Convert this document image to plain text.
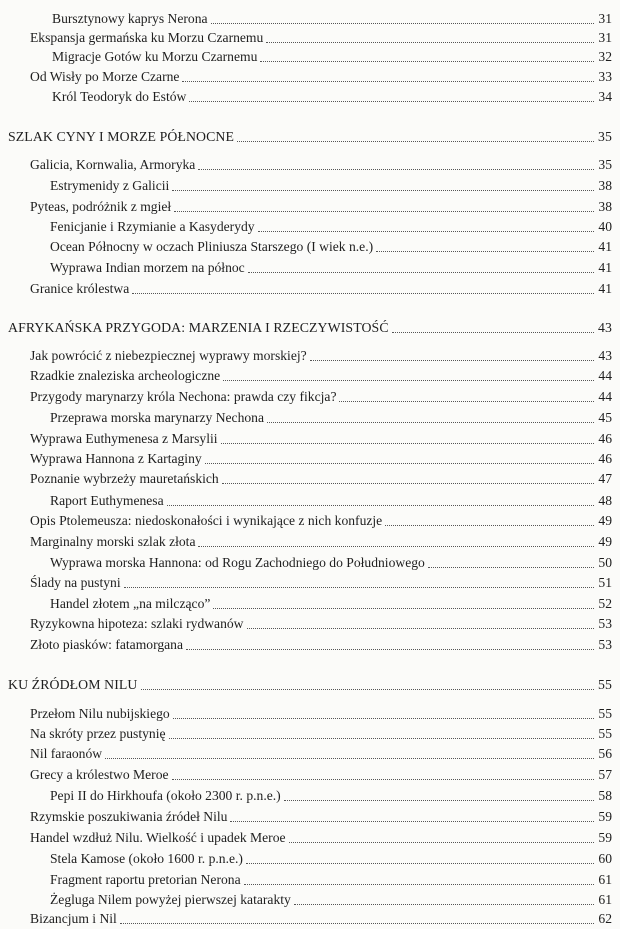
Bursztynowy kaprys Nerona	31
Ekspansja germańska ku Morzu Czarnemu	31
Migracje Gotów ku Morzu Czarnemu	32
Od Wisły po Morze Czarne	33
Król Teodoryk do Estów	34
SZLAK CYNY I MORZE PÓŁNOCNE	35
Galicia, Kornwalia, Armoryka	35
Estrymenidy z Galicii	38
Pyteas, podróżnik z mgieł	38
Fenicjanie i Rzymianie a Kasyderydy	40
Ocean Północny w oczach Pliniusza Starszego (I wiek n.e.)	41
Wyprawa Indian morzem na północ	41
Granice królestwa	41
AFRYKAŃSKA PRZYGODA: MARZENIA I RZECZYWISTOŚĆ	43
Jak powrócić z niebezpiecznej wyprawy morskiej?	43
Rzadkie znaleziska archeologiczne	44
Przygody marynarzy króla Nechona: prawda czy fikcja?	44
Przeprawa morska marynarzy Nechona	45
Wyprawa Euthymenesa z Marsylii	46
Wyprawa Hannona z Kartaginy	46
Poznanie wybrzeży mauretańskich	47
Raport Euthymenesa	48
Opis Ptolemeusza: niedoskonałości i wynikające z nich konfuzje	49
Marginalny morski szlak złota	49
Wyprawa morska Hannona: od Rogu Zachodniego do Południowego	50
Ślady na pustyni	51
Handel złotem „na milcząco”	52
Ryzykowna hipoteza: szlaki rydwanów	53
Złoto piasków: fatamorgana	53
KU ŹRÓDŁOM NILU	55
Przełom Nilu nubijskiego	55
Na skróty przez pustynię	55
Nil faraonów	56
Grecy a królestwo Meroe	57
Pepi II do Hirkhoufa (około 2300 r. p.n.e.)	58
Rzymskie poszukiwania źródeł Nilu	59
Handel wzdłuż Nilu. Wielkość i upadek Meroe	59
Stela Kamose (około 1600 r. p.n.e.)	60
Fragment raportu pretorian Nerona	61
Żegluga Nilem powyżej pierwszej katarakty	61
Bizancjum i Nil	62
